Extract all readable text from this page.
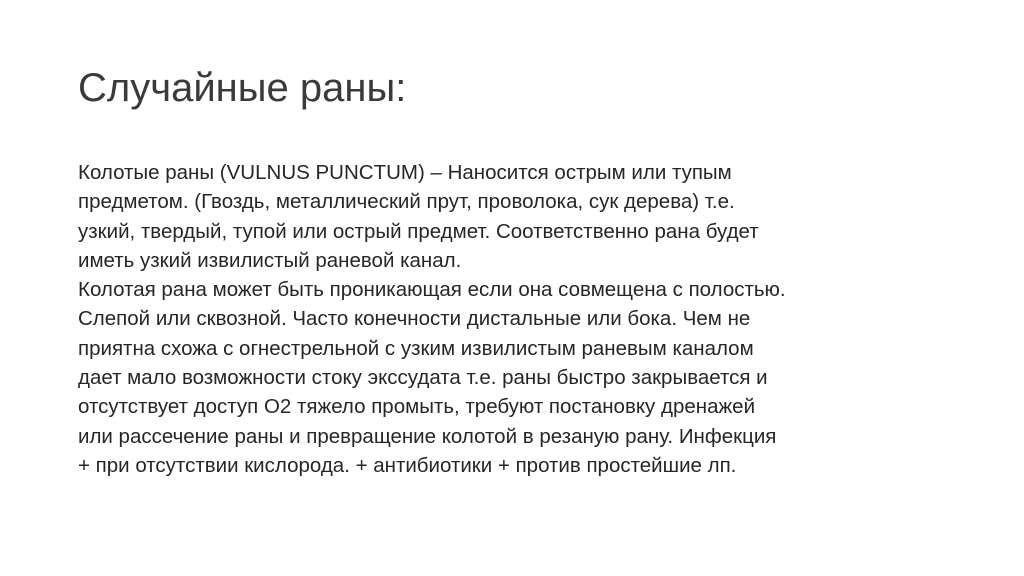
Случайные раны:
Колотые раны (VULNUS PUNCTUM) – Наносится острым или тупым
предметом. (Гвоздь, металлический прут, проволока, сук дерева) т.е.
узкий, твердый, тупой или острый предмет. Соответственно рана будет
иметь узкий извилистый раневой канал.
Колотая рана может быть проникающая если она совмещена с полостью.
Слепой или сквозной. Часто конечности дистальные или бока. Чем не
приятна схожа с огнестрельной с узким извилистым раневым каналом
дает мало возможности стоку экссудата т.е. раны быстро закрывается и
отсутствует доступ О2 тяжело промыть, требуют постановку дренажей
или рассечение раны и превращение колотой в резаную рану. Инфекция
+ при отсутствии кислорода. + антибиотики + против простейшие лп.
